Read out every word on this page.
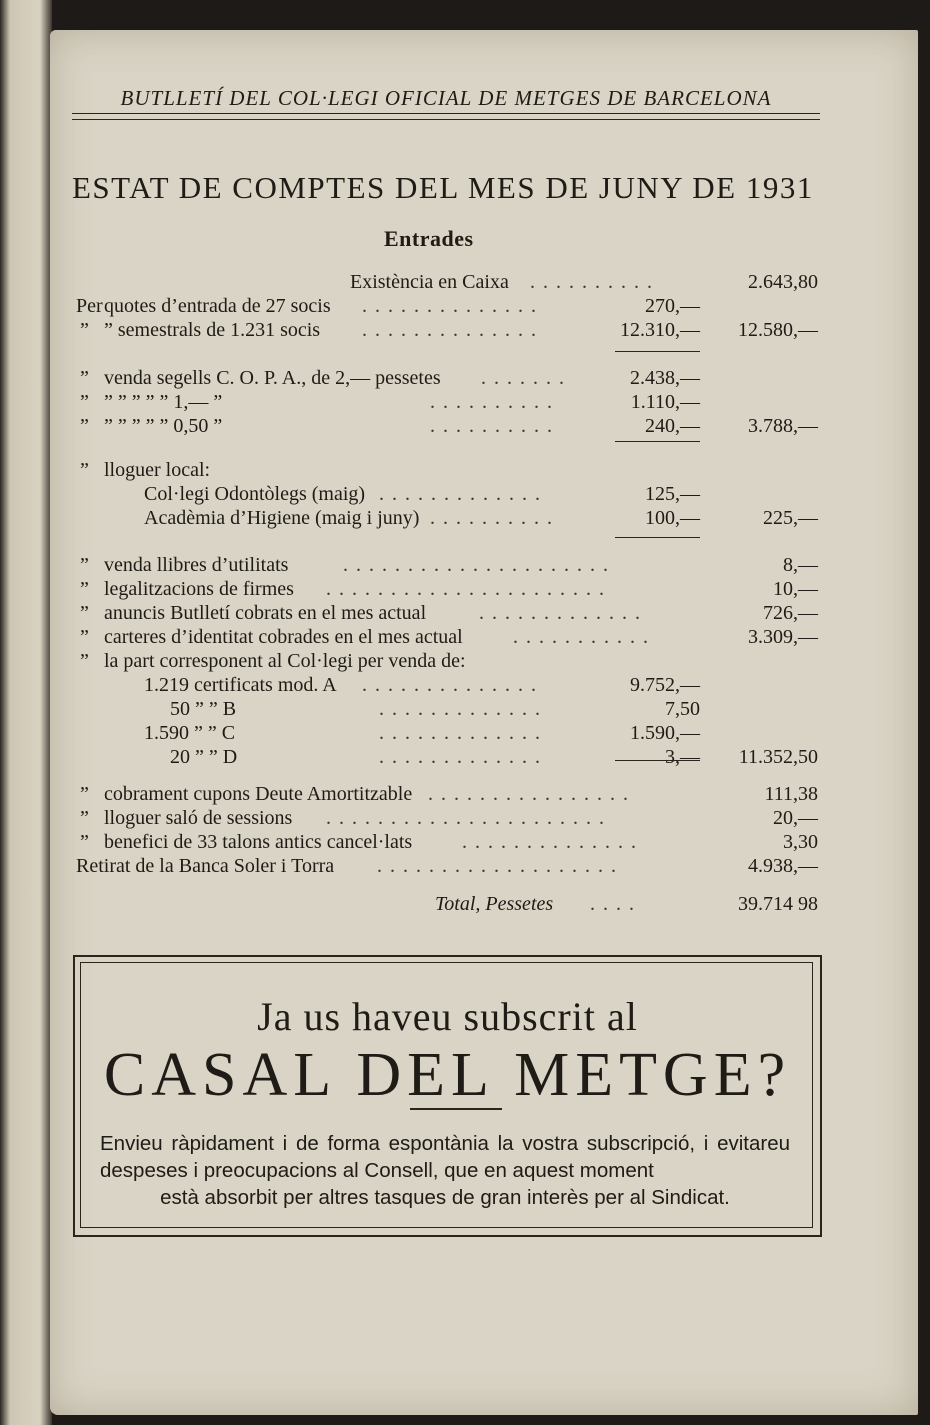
BUTLLETÍ DEL COL·LEGI OFICIAL DE METGES DE BARCELONA
ESTAT DE COMPTES DEL MES DE JUNY DE 1931
Entrades
Existència en Caixa ..........	2.643,80
Per quotes d’entrada de 27 socis ..............	270,—
” ” semestrals de 1.231 socis ..............	12.310,— 12.580,—
” venda segells C. O. P. A., de 2,— pessetes .......	2.438,—
” ” ” ” ” ” 1,— ”	..........	1.110,—
” ” ” ” ” ” 0,50 ”	..........	240,— 3.788,—
” lloguer local:
Col·legi Odontòlegs (maig) .............	125,—
Acadèmia d’Higiene (maig i juny) ..........	100,—	225,—
” venda llibres d’utilitats	.....................	8,—
” legalitzacions de firmes ......................	10,—
” anuncis Butlletí cobrats en el mes actual	.............	726,—
” carteres d’identitat cobrades en el mes actual	...........	3.309,—
” la part corresponent al Col·legi per venda de:
1.219 certificats mod. A ..............	9.752,—
50 ” ” B	.............	7,50
1.590 ” ” C	.............	1.590,—
20 ” ” D	.............	3,— 11.352,50
” cobrament cupons Deute Amortitzable ................	111,38
” lloguer saló de sessions ......................	20,—
” benefici de 33 talons antics cancel·lats ..............	3,30
Retirat de la Banca Soler i Torra ...................	4.938,—
Total, Pessetes ....	39.714 98
Ja us haveu subscrit al
CASAL DEL METGE?
Envieu ràpidament i de forma espontània la vostra subscripció, i evitareu despeses i preocupacions al Consell, que en aquest moment
està absorbit per altres tasques de gran interès per al Sindicat.
